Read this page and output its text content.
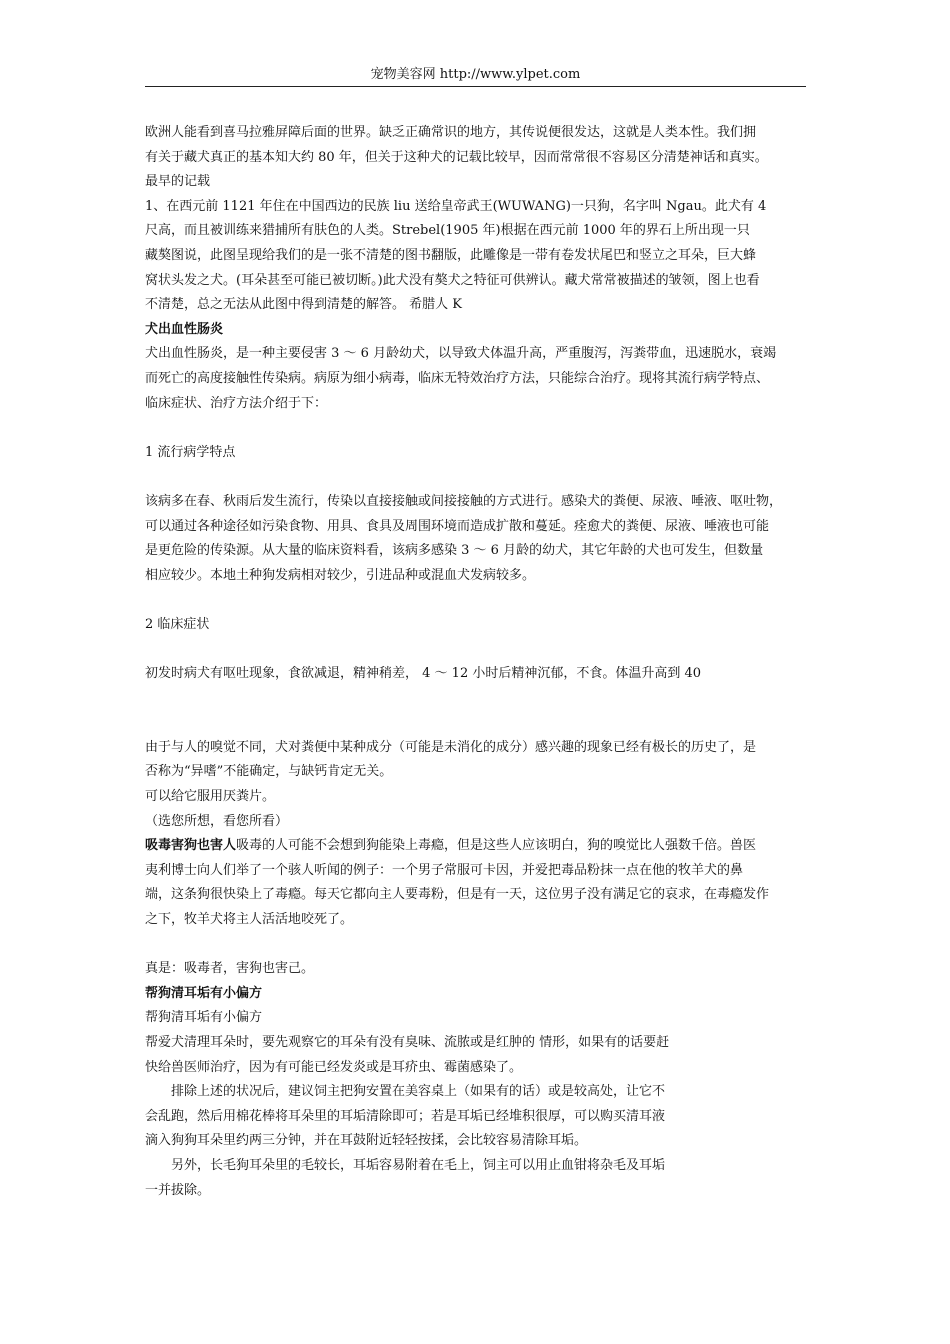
宠物美容网 http://www.ylpet.com

欧洲人能看到喜马拉雅屏障后面的世界。缺乏正确常识的地方，其传说便很发达，这就是人类本性。我们拥
有关于藏犬真正的基本知大约 80 年，但关于这种犬的记载比较早，因而常常很不容易区分清楚神话和真实。

最早的记载

1、在西元前 1121 年住在中国西边的民族 liu 送给皇帝武王(WUWANG)一只狗，名字叫 Ngau。此犬有 4
尺高，而且被训练来猎捕所有肤色的人类。Strebel(1905 年)根据在西元前 1000 年的界石上所出现一只
藏獒图说，此图呈现给我们的是一张不清楚的图书翻版，此雕像是一带有卷发状尾巴和竖立之耳朵，巨大蜂
窝状头发之犬。(耳朵甚至可能已被切断。)此犬没有獒犬之特征可供辨认。藏犬常常被描述的皱领，图上也看
不清楚，总之无法从此图中得到清楚的解答。 希腊人 K

犬出血性肠炎

犬出血性肠炎，是一种主要侵害 3 ～ 6 月龄幼犬，以导致犬体温升高，严重腹泻，泻粪带血，迅速脱水，衰竭
而死亡的高度接触性传染病。病原为细小病毒，临床无特效治疗方法，只能综合治疗。现将其流行病学特点、
临床症状、治疗方法介绍于下：

1 流行病学特点

该病多在春、秋雨后发生流行，传染以直接接触或间接接触的方式进行。感染犬的粪便、尿液、唾液、呕吐物，
可以通过各种途径如污染食物、用具、食具及周围环境而造成扩散和蔓延。痊愈犬的粪便、尿液、唾液也可能
是更危险的传染源。从大量的临床资料看，该病多感染 3 ～ 6 月龄的幼犬，其它年龄的犬也可发生，但数量
相应较少。本地土种狗发病相对较少，引进品种或混血犬发病较多。

2 临床症状

初发时病犬有呕吐现象，食欲减退，精神稍差， 4 ～ 12 小时后精神沉郁，不食。体温升高到 40

由于与人的嗅觉不同，犬对粪便中某种成分（可能是未消化的成分）感兴趣的现象已经有极长的历史了，是
否称为“异嗜”不能确定，与缺钙肯定无关。

可以给它服用厌粪片。

（选您所想，看您所看）

吸毒害狗也害人吸毒的人可能不会想到狗能染上毒瘾，但是这些人应该明白，狗的嗅觉比人强数千倍。兽医
夷利博士向人们举了一个骇人听闻的例子：一个男子常服可卡因，并爱把毒品粉抹一点在他的牧羊犬的鼻
端，这条狗很快染上了毒瘾。每天它都向主人要毒粉，但是有一天，这位男子没有满足它的哀求，在毒瘾发作
之下，牧羊犬将主人活活地咬死了。

真是：吸毒者，害狗也害己。

帮狗清耳垢有小偏方

帮狗清耳垢有小偏方

帮爱犬清理耳朵时，要先观察它的耳朵有没有臭味、流脓或是红肿的 情形，如果有的话要赶
快给兽医师治疗，因为有可能已经发炎或是耳疥虫、霉菌感染了。

　　排除上述的状况后，建议饲主把狗安置在美容桌上（如果有的话）或是较高处，让它不
会乱跑，然后用棉花棒将耳朵里的耳垢清除即可；若是耳垢已经堆积很厚，可以购买清耳液
滴入狗狗耳朵里约两三分钟，并在耳鼓附近轻轻按揉，会比较容易清除耳垢。

　　另外，长毛狗耳朵里的毛较长，耳垢容易附着在毛上，饲主可以用止血钳将杂毛及耳垢
一并拔除。
